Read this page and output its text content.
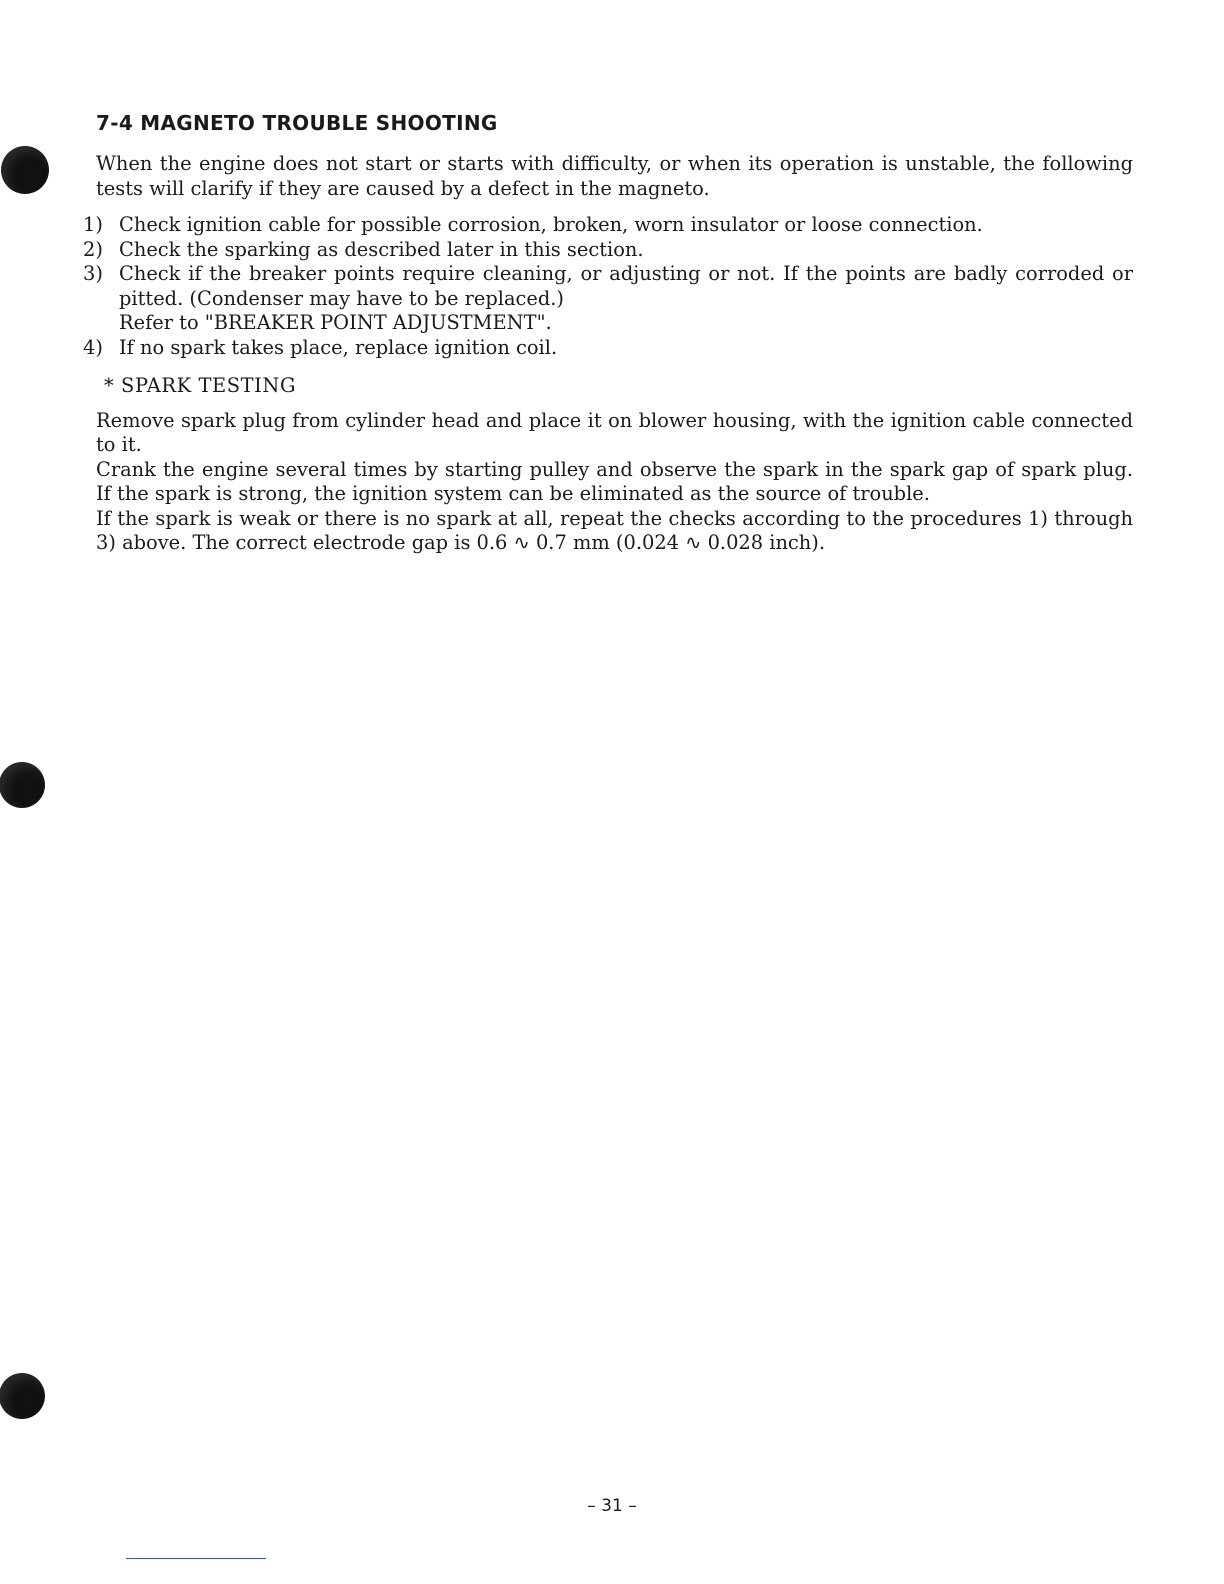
7-4 MAGNETO TROUBLE SHOOTING

When the engine does not start or starts with difficulty, or when its operation is unstable, the following tests will clarify if they are caused by a defect in the magneto.

1) Check ignition cable for possible corrosion, broken, worn insulator or loose connection.
2) Check the sparking as described later in this section.
3) Check if the breaker points require cleaning, or adjusting or not. If the points are badly corroded or pitted. (Condenser may have to be replaced.)
Refer to "BREAKER POINT ADJUSTMENT".
4) If no spark takes place, replace ignition coil.
* SPARK TESTING

Remove spark plug from cylinder head and place it on blower housing, with the ignition cable connected to it.

Crank the engine several times by starting pulley and observe the spark in the spark gap of spark plug. If the spark is strong, the ignition system can be eliminated as the source of trouble.

If the spark is weak or there is no spark at all, repeat the checks according to the procedures 1) through 3) above. The correct electrode gap is 0.6 ∿ 0.7 mm (0.024 ∿ 0.028 inch).

– 31 –
